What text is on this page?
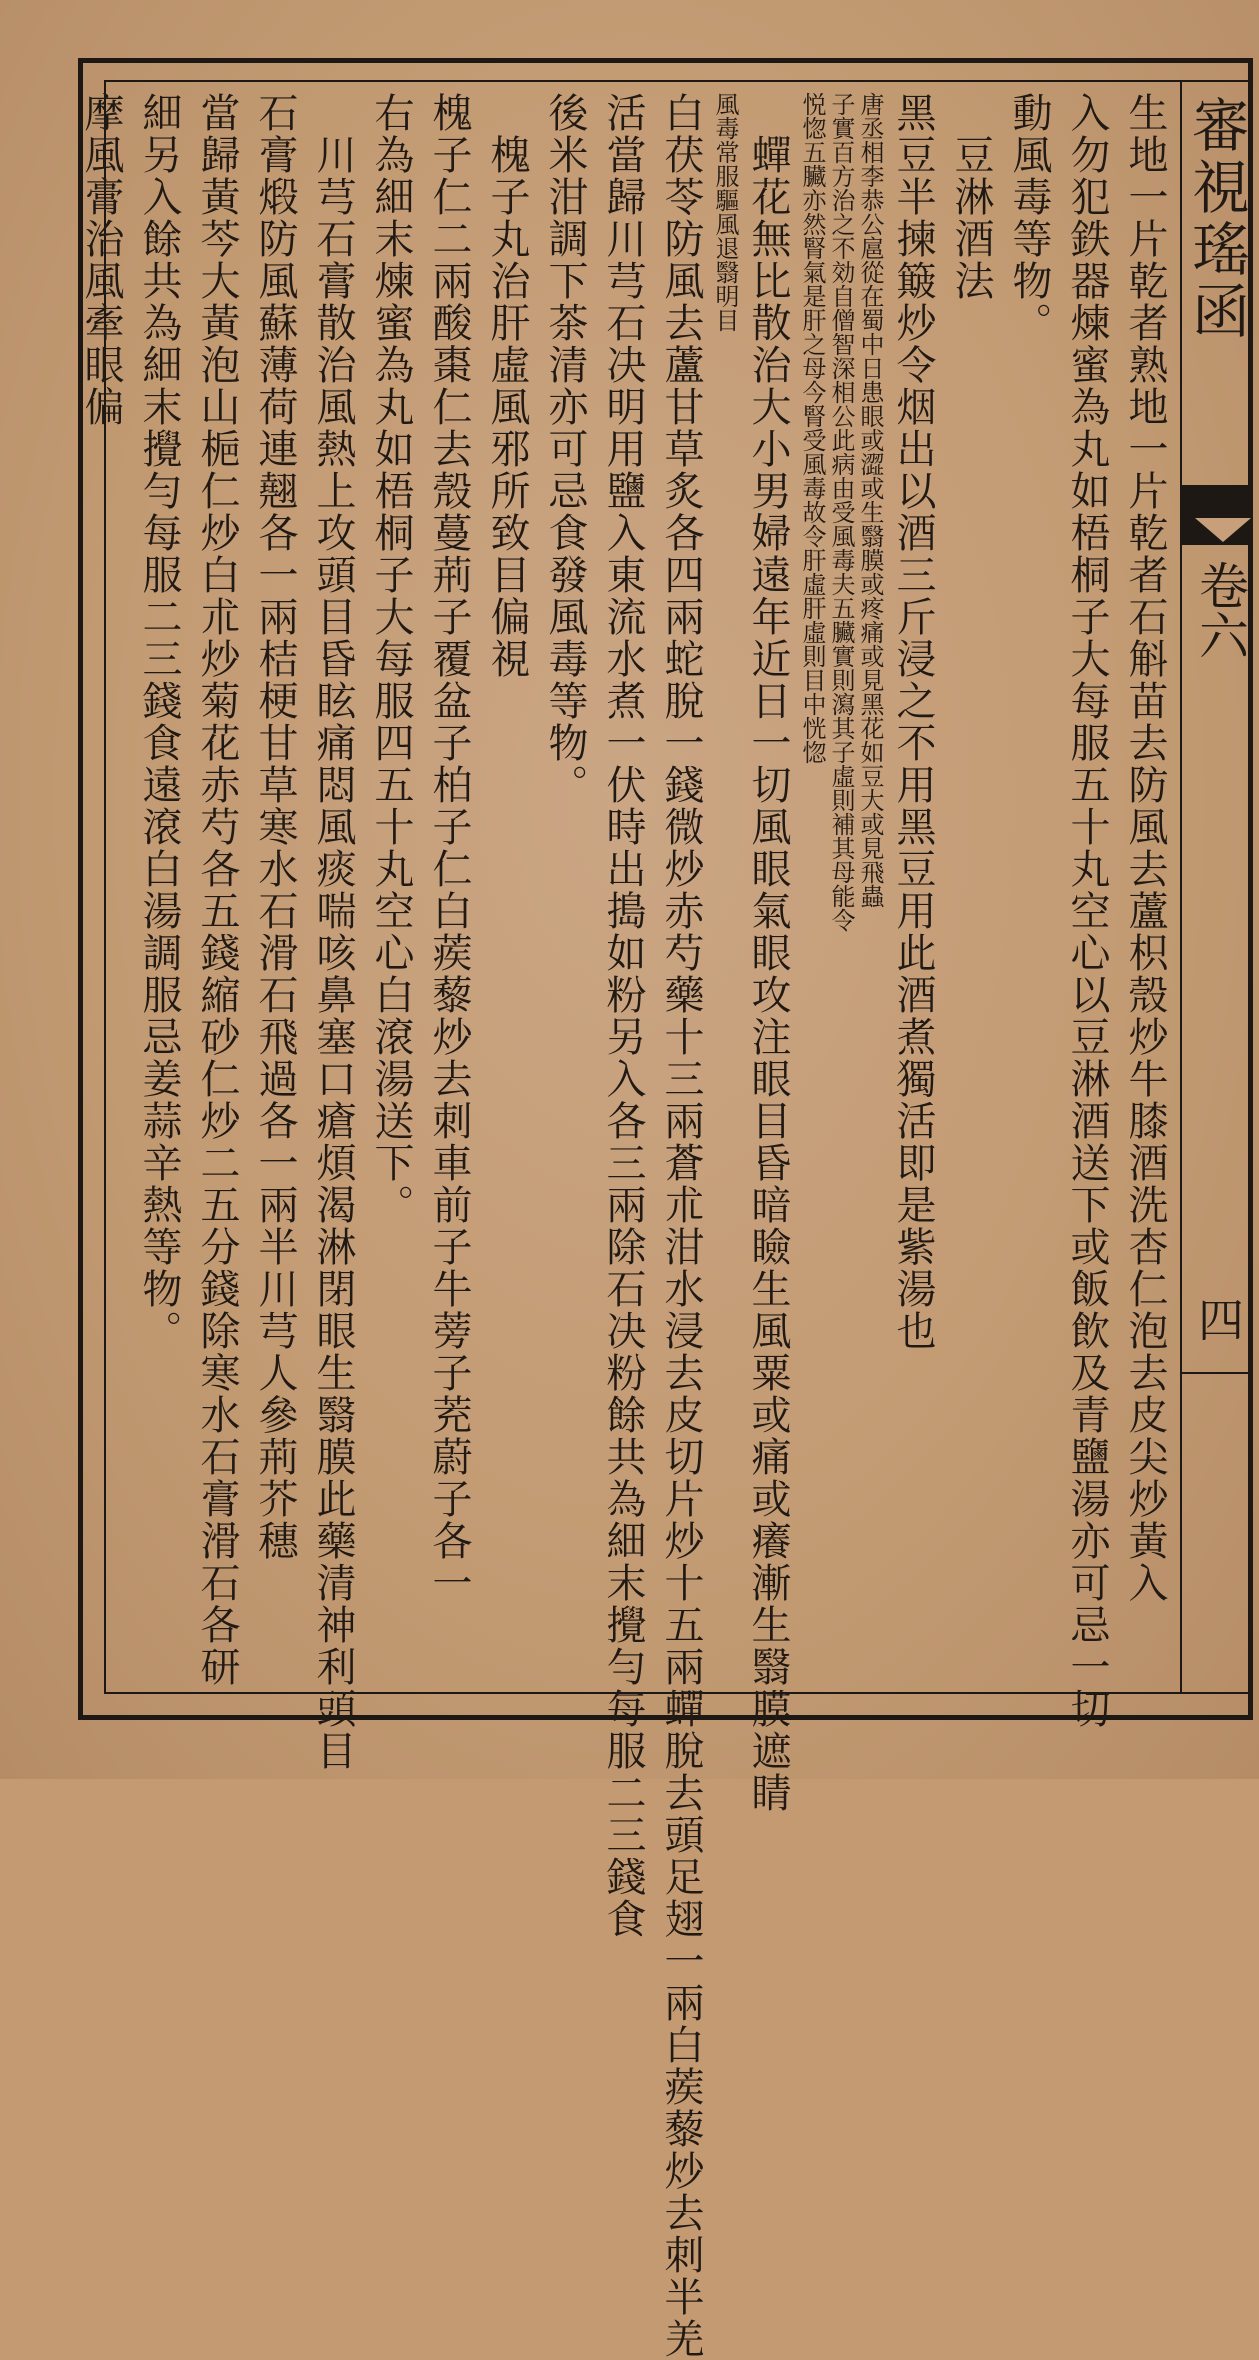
審視瑤函
卷六
四

生地一片乾者熟地一片乾者石斛苗去防風去蘆枳殼炒牛膝酒洗杏仁泡去皮尖炒黃入

入勿犯鉄器煉蜜為丸如梧桐子大每服五十丸空心以豆淋酒送下或飯飲及青鹽湯亦可忌一切

動風毒等物。

豆淋酒法

黑豆半揀簸炒令烟出以酒三斤浸之不用黑豆用此酒煮獨活即是紫湯也

唐丞相李恭公扈從在蜀中日患眼或澀或生翳膜或疼痛或見黑花如豆大或見飛蟲

子實百方治之不効自僧智深相公此病由受風毒夫五臟實則瀉其子虛則補其母能令

悦惚五臟亦然腎氣是肝之母今腎受風毒故令肝虛肝虛則目中恍惚

蟬花無比散治大小男婦遠年近日一切風眼氣眼攻注眼目昏暗瞼生風粟或痛或癢漸生翳膜遮睛

風毒常服驅風退翳明目

白茯苓防風去蘆甘草炙各四兩蛇脫一錢微炒赤芍藥十三兩蒼朮泔水浸去皮切片炒十五兩蟬脫去頭足翅一兩白蒺藜炒去刺半羌

活當歸川芎石决明用鹽入東流水煮一伏時出搗如粉另入各三兩除石决粉餘共為細末攪勻每服二三錢食

後米泔調下茶清亦可忌食發風毒等物。

槐子丸治肝虛風邪所致目偏視

槐子仁二兩酸棗仁去殼蔓荊子覆盆子柏子仁白蒺藜炒去刺車前子牛蒡子茺蔚子各一

右為細末煉蜜為丸如梧桐子大每服四五十丸空心白滾湯送下。

川芎石膏散治風熱上攻頭目昏眩痛悶風痰喘咳鼻塞口瘡煩渴淋閉眼生翳膜此藥清神利頭目

石膏煅防風蘇薄荷連翹各一兩桔梗甘草寒水石滑石飛過各一兩半川芎人參荊芥穗

當歸黃芩大黃泡山梔仁炒白朮炒菊花赤芍各五錢縮砂仁炒二五分錢除寒水石膏滑石各研

細另入餘共為細末攪勻每服二三錢食遠滾白湯調服忌姜蒜辛熱等物。

摩風膏治風牽眼偏
